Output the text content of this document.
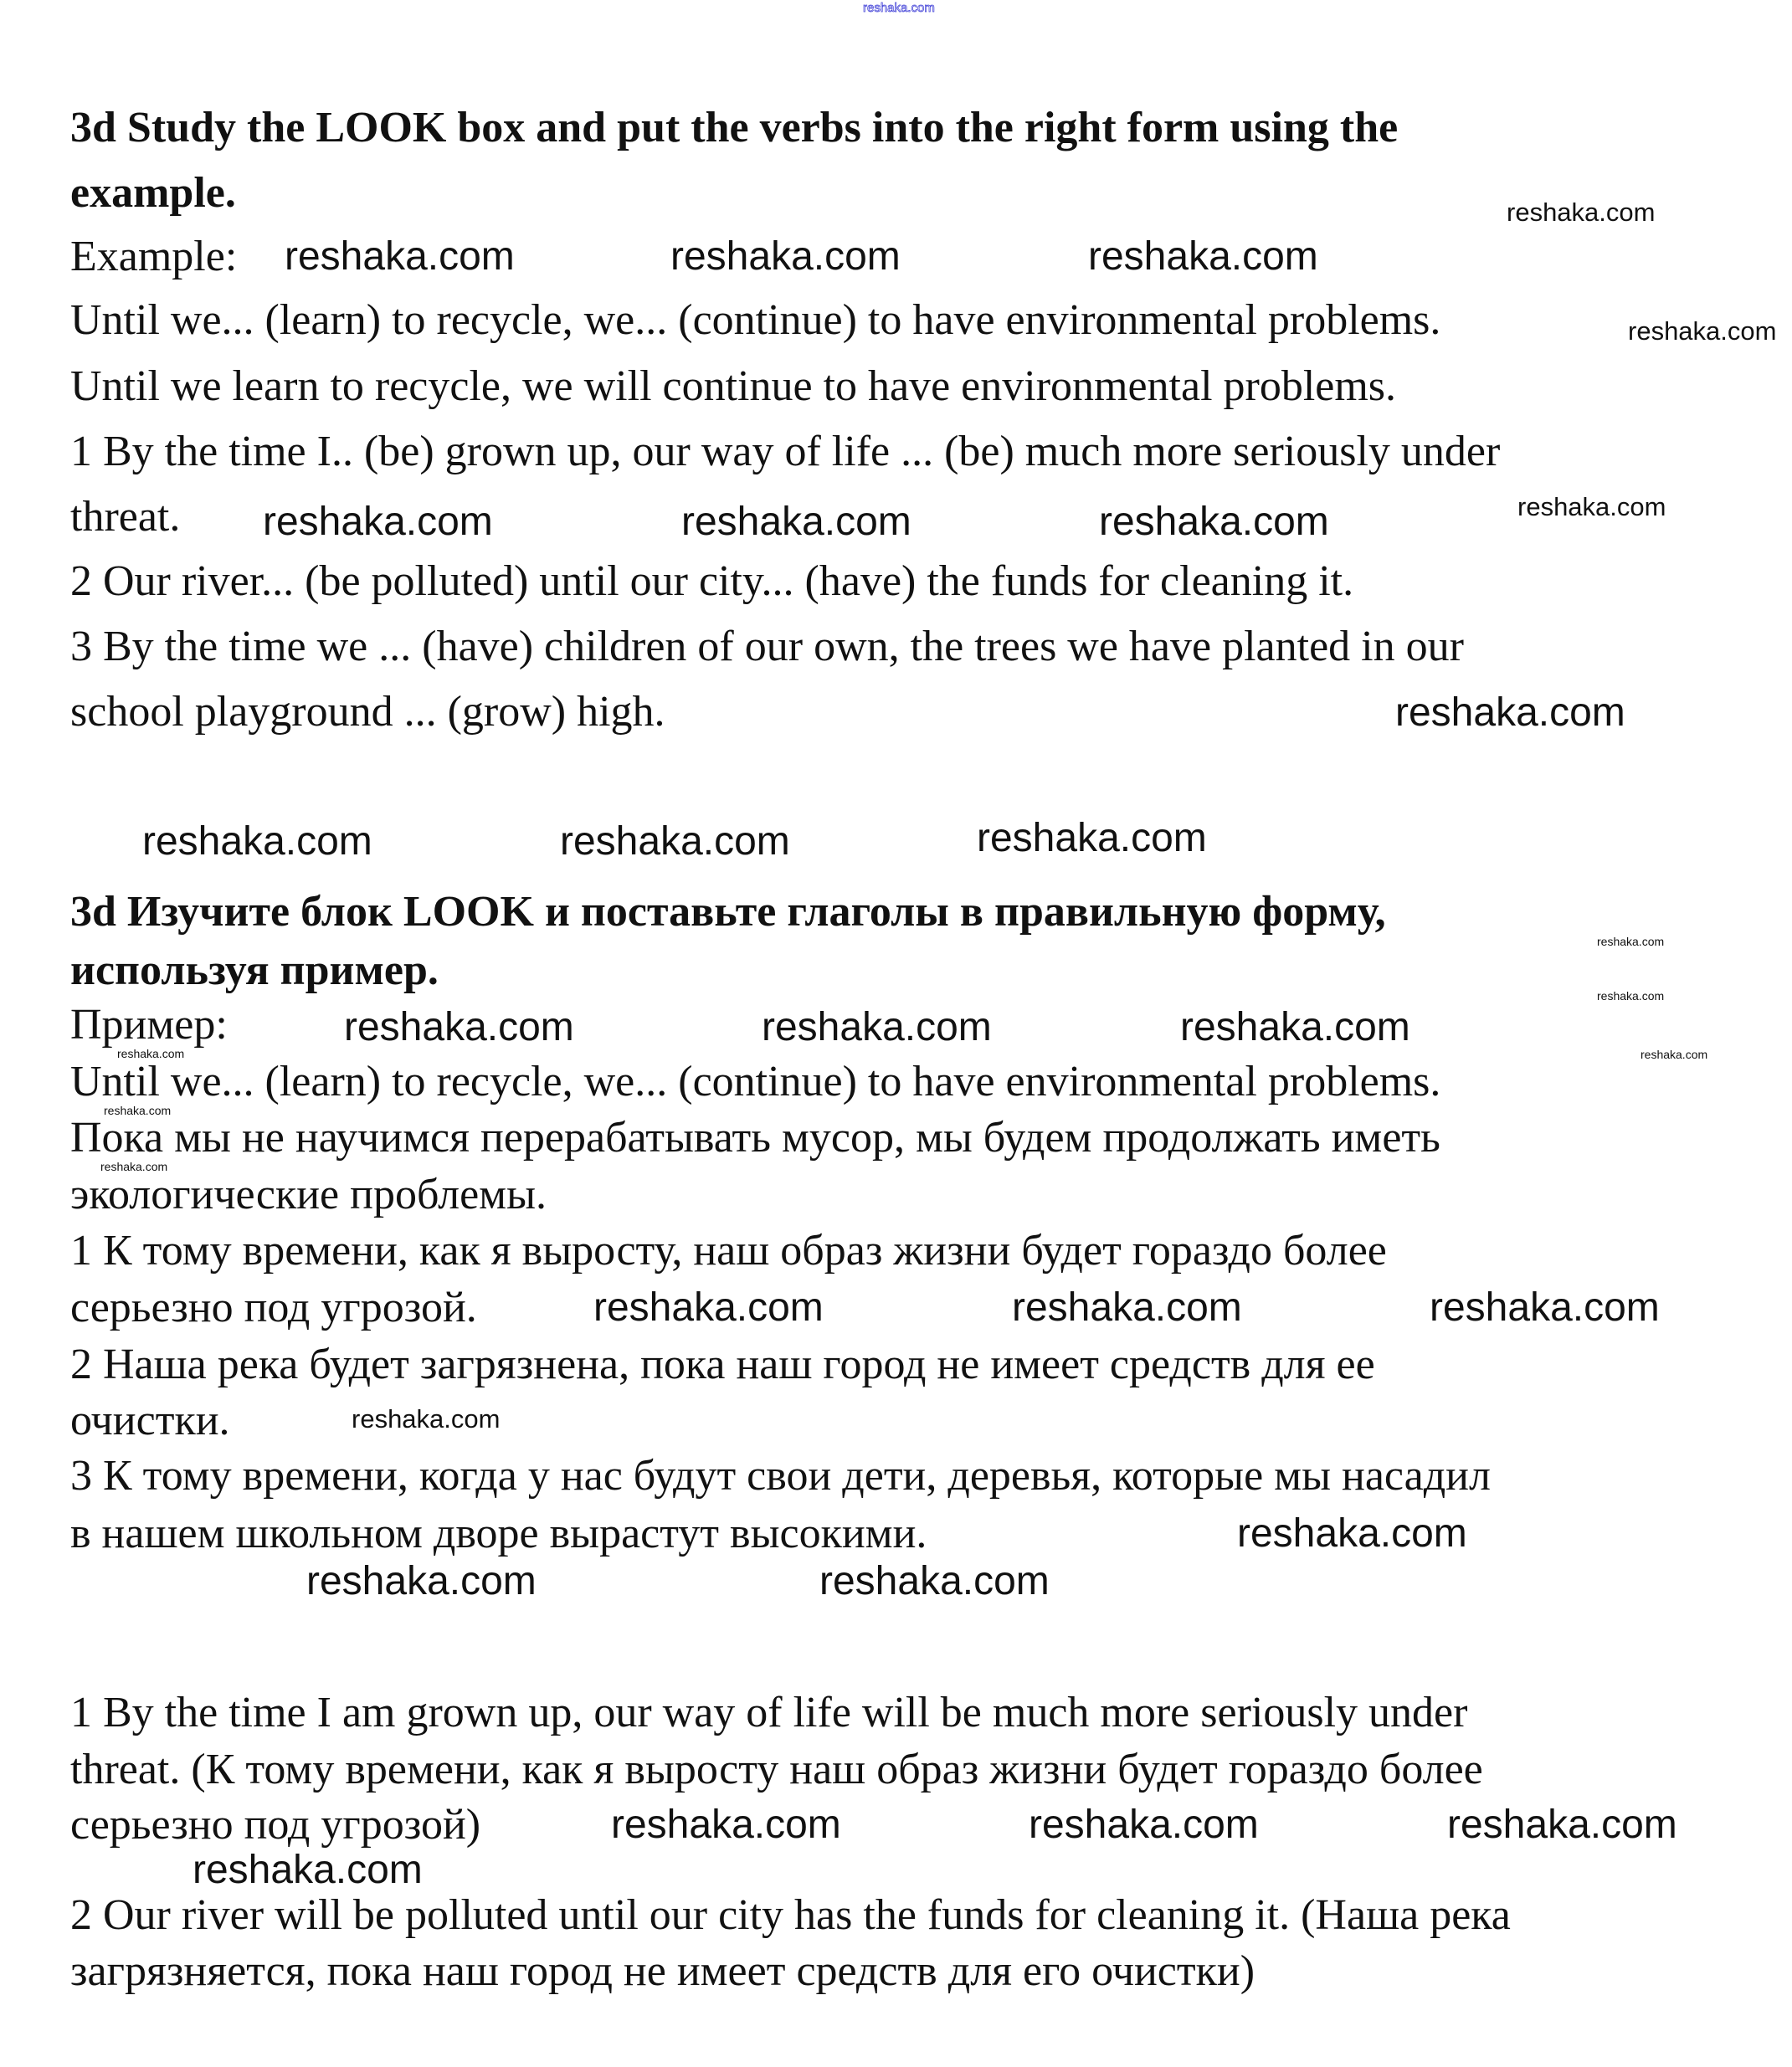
reshaka.com
3d Study the LOOK box and put the verbs into the right form using the
example.
Example:
Until we... (learn) to recycle, we... (continue) to have environmental problems.
Until we learn to recycle, we will continue to have environmental problems.
1 By the time I.. (be) grown up, our way of life ... (be) much more seriously under
threat.
2 Our river... (be polluted) until our city... (have) the funds for cleaning it.
3 By the time we ... (have) children of our own, the trees we have planted in our
school playground ... (grow) high.
3d Изучите блок LOOK и поставьте глаголы в правильную форму,
используя пример.
Пример:
Until we... (learn) to recycle, we... (continue) to have environmental problems.
Пока мы не научимся перерабатывать мусор, мы будем продолжать иметь
экологические проблемы.
1 К тому времени, как я выросту, наш образ жизни будет гораздо более
серьезно под угрозой.
2 Наша река будет загрязнена, пока наш город не имеет средств для ее
очистки.
3 К тому времени, когда у нас будут свои дети, деревья, которые мы насадил
в нашем школьном дворе вырастут высокими.
1 By the time I am grown up, our way of life will be much more seriously under
threat. (К тому времени, как я выросту наш образ жизни будет гораздо более
серьезно под угрозой)
2 Our river will be polluted until our city has the funds for cleaning it. (Наша река
загрязняется, пока наш город не имеет средств для его очистки)
reshaka.com
reshaka.com	reshaka.com	reshaka.com
reshaka.com
reshaka.com
reshaka.com	reshaka.com	reshaka.com
reshaka.com
reshaka.com	reshaka.com	reshaka.com
reshaka.com
reshaka.com
reshaka.com
reshaka.com	reshaka.com	reshaka.com
reshaka.com
reshaka.com
reshaka.com
reshaka.com	reshaka.com	reshaka.com
reshaka.com
reshaka.com
reshaka.com	reshaka.com
reshaka.com	reshaka.com	reshaka.com
reshaka.com
